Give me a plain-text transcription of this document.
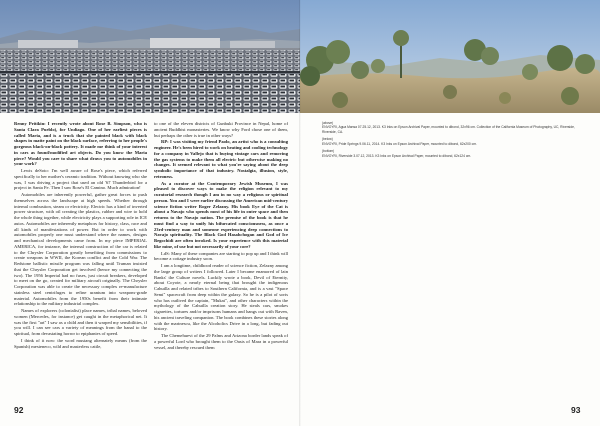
Renny Pritikin: I recently wrote about Rose B. Simpson, who is Santa Clara Pueblo), for Undiago. One of her earliest pieces is called Maria, and is a truck that she painted black with black shapes in matte paint on the black surface, referring to her people's gorgeous black-on-black pottery. It made me think of your interest in cars as found/modified art objects. Do you know the Maria piece? Would you care to share what draws you to automobiles in your work?

Lewis deSoto: I'm well aware of Rose's piece, which referred specifically to her mother's ceramic tradition. Without knowing who she was, I was driving a project that used an old '67 Thunderbird for a project in Santa Fe. Then I saw Rose's El Camino. Much admiration!

Automobiles are inherently powerful, gather great forces to push themselves across the landscape at high speeds. Whether through internal combustion, steam or electricity. Electric has a kind of inverted power structure, with oil creating the plastics, rubber and wire to hold the whole thing together, while electricity plays a supporting role in ICE autos. Automobiles are inherently metaphors for history, class, race and all kinds of manifestations of power. But in order to work with automobiles properly one must understand where the names, designs and mechanical developments came from. In my piece IMPERIAL AMERICA, for instance, the internal construction of the car is related to the Chrysler Corporation greatly benefiting from commissions to create weapons in WWII, the Korean conflict and the Cold War. The Redstone ballistic missile program was falling until Truman insisted that the Chrysler Corporation get involved (hence my connecting the two). The 1956 Imperial had no fuses, just circuit breakers, developed to meet on the go, created for military aircraft originally. The Chrysler Corporation was able to create the necessary complex re-manufacture stainless steel centrifuges to refine uranium into weapons-grade material. Automobiles from the 1950s benefit from their intimate relationship to the military industrial complex.

Names of explorers (colonialist) place names, tribal names, beloved women (Mercedes, for instance) get caught in the metaphorical net. It was the first "art" I saw as a child and then it warped my sensibilities, if you will. I can see cars a variety of meanings from the banal to the spiritual, from devastating horror to epiphanies of speed.

I think of it now: the word mustang alternately means (from the Spanish) mesteneco, wild and masterless cattle,

to one of the eleven districts of Gunbuki Province in Nepal, home of ancient Buddhist monasteries. We know why Ford chose one of them, but perhaps the other is true in other ways?

RP: I was visiting my friend Paolo, an artist who is a consulting engineer. He's been hired to work on heating and cooling technology for a company in Vallejo that is buying vintage cars and removing the gas systems to make them all electric but otherwise making no changes. It seemed relevant to what you're saying about the deep symbolic importance of that industry. Nostalgia, illusion, style, retroness.

As a curator at the Contemporary Jewish Museum, I was pleased to discover ways to make the religion relevant to my curatorial research though I am in no way a religious or spiritual person. You and I were earlier discussing the American mid-century science fiction writer Roger Zelazny. His book Eye of the Cat is about a Navajo who spends most of his life in outer space and then returns to the Navajo nation. The premise of the book is that he must find a way to unify his bifurcated consciousness, as once a 23rd-century man and someone experiencing deep connections to Navajo spirituality. The Black God Hasahchogan and God of Ice Begochidi are often invoked. Is your experience with this material like mine, of use but not necessarily of your core?

LdS: Many of these companies are starting to pop up and I think will become a cottage industry soon.

I am a longtime, childhood reader of science fiction, Zelazny among the large group of writers I followed. Later I became enamored of lain Banks' the Culture novels. Luckily wrote a book, Devil of Eternity, about Coyote, a nearly eternal being that brought the indigenous Cahuilla and related tribes to Southern California, and is a vast "Space Semi" spacecraft from deep within the galaxy. So he is a pilot of sorts who has outlived the captain, "Mukat", and other characters within the mythology of the Cahuilla creation story. He steals cars, smokes cigarettes, tortures and/or imprisons humans and hangs out with Raven, his ancient traveling companion. The book combines these stories along with the marinescu, like the Alcoholics Drive in a long, but fading out history.

The Chemehuevi of the 29 Palms and Arizona border lands speak of a powerful Lord who brought them to the Oasis of Mara in a powerful vessel, and thereby rescued them

(above)
ENVOYRI, Agua Mansa 07.25.12, 2013. K3 Inks on Epson Archival Paper, mounted to dibond, 32x96 cm. Collection of the California Museum of Photography, UC, Riverside, Riverside, CA.
(below)
ENVOYRI, Pride Springs 9.06.11, 2014. K3 Inks on Epson Archival Paper, mounted to dibond, 62x200 cm.
(bottom)
ENVOYRI, Riverside 3.07.12, 2013. K3 Inks on Epson Archival Paper, mounted to dibond, 62x124 cm.
92	93
